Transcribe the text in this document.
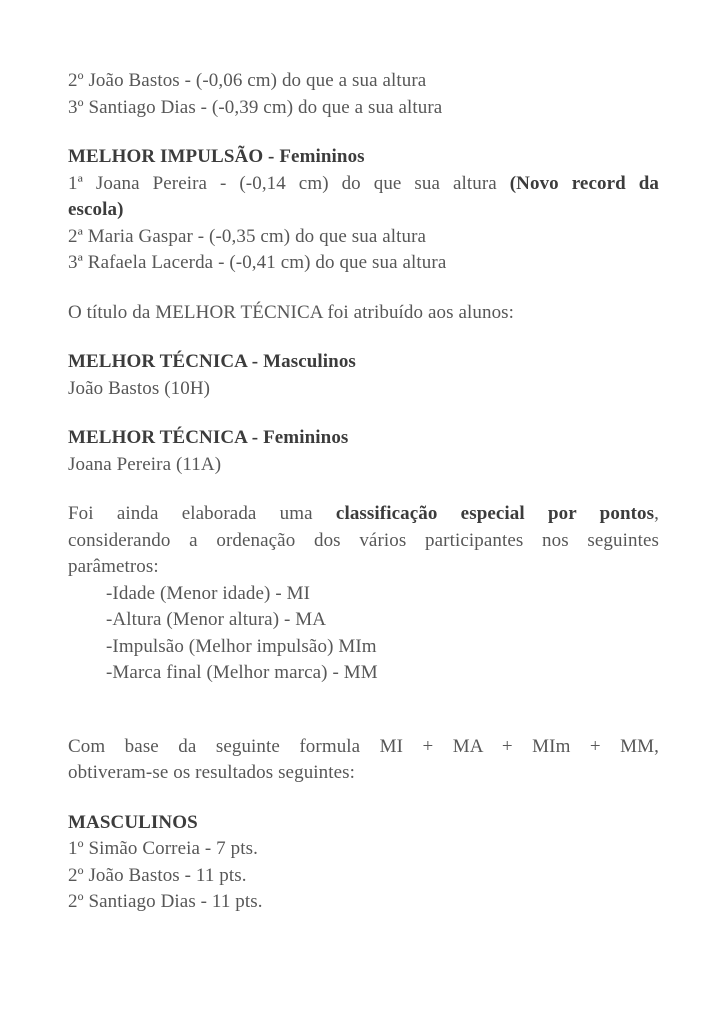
2º João Bastos - (-0,06 cm) do que a sua altura

3º Santiago Dias - (-0,39 cm) do que a sua altura

MELHOR IMPULSÃO - Femininos

1ª Joana Pereira - (-0,14 cm) do que sua altura (Novo record da

escola)

2ª Maria Gaspar - (-0,35 cm) do que sua altura

3ª Rafaela Lacerda - (-0,41 cm) do que sua altura

O título da MELHOR TÉCNICA foi atribuído aos alunos:

MELHOR TÉCNICA - Masculinos

João Bastos (10H)

MELHOR TÉCNICA - Femininos

Joana Pereira (11A)

Foi ainda elaborada uma classificação especial por pontos,

considerando a ordenação dos vários participantes nos seguintes

parâmetros:

-Idade (Menor idade) - MI

-Altura (Menor altura) - MA

-Impulsão (Melhor impulsão) MIm

-Marca final (Melhor marca) - MM

Com base da seguinte formula MI + MA + MIm + MM,

obtiveram-se os resultados seguintes:

MASCULINOS

1º Simão Correia - 7 pts.

2º João Bastos - 11 pts.

2º Santiago Dias - 11 pts.
